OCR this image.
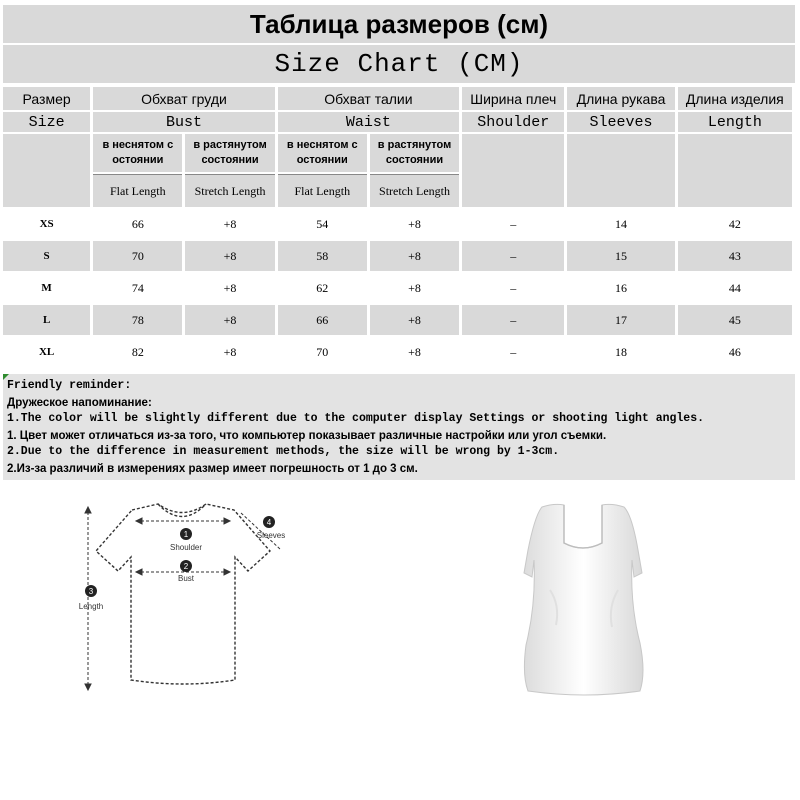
Таблица размеров (см)
Size Chart (CM)
Размер	Обхват груди		Обхват талии		Ширина плеч	Длина рукава	Длина изделия
Size	Bust		Waist		Shoulder	Sleeves	Length
	в неснятом с остоянии	в растянутом состоянии	в неснятом с остоянии	в растянутом состоянии			
	Flat Length	Stretch Length	Flat Length	Stretch Length			
XS	66	+8	54	+8	–	14	42
S	70	+8	58	+8	–	15	43
M	74	+8	62	+8	–	16	44
L	78	+8	66	+8	–	17	45
XL	82	+8	70	+8	–	18	46
Friendly reminder:
Дружеское напоминание:
1.The color will be slightly different due to the computer display Settings or shooting light angles.
1. Цвет может отличаться из-за того, что компьютер показывает различные настройки или угол съемки.
2.Due to the difference in measurement methods, the size will be wrong by 1-3cm.
2.Из-за различий в измерениях размер имеет погрешность от 1 до 3 см.
1
Shoulder
2
Bust
3
Length
4
Sleeves
